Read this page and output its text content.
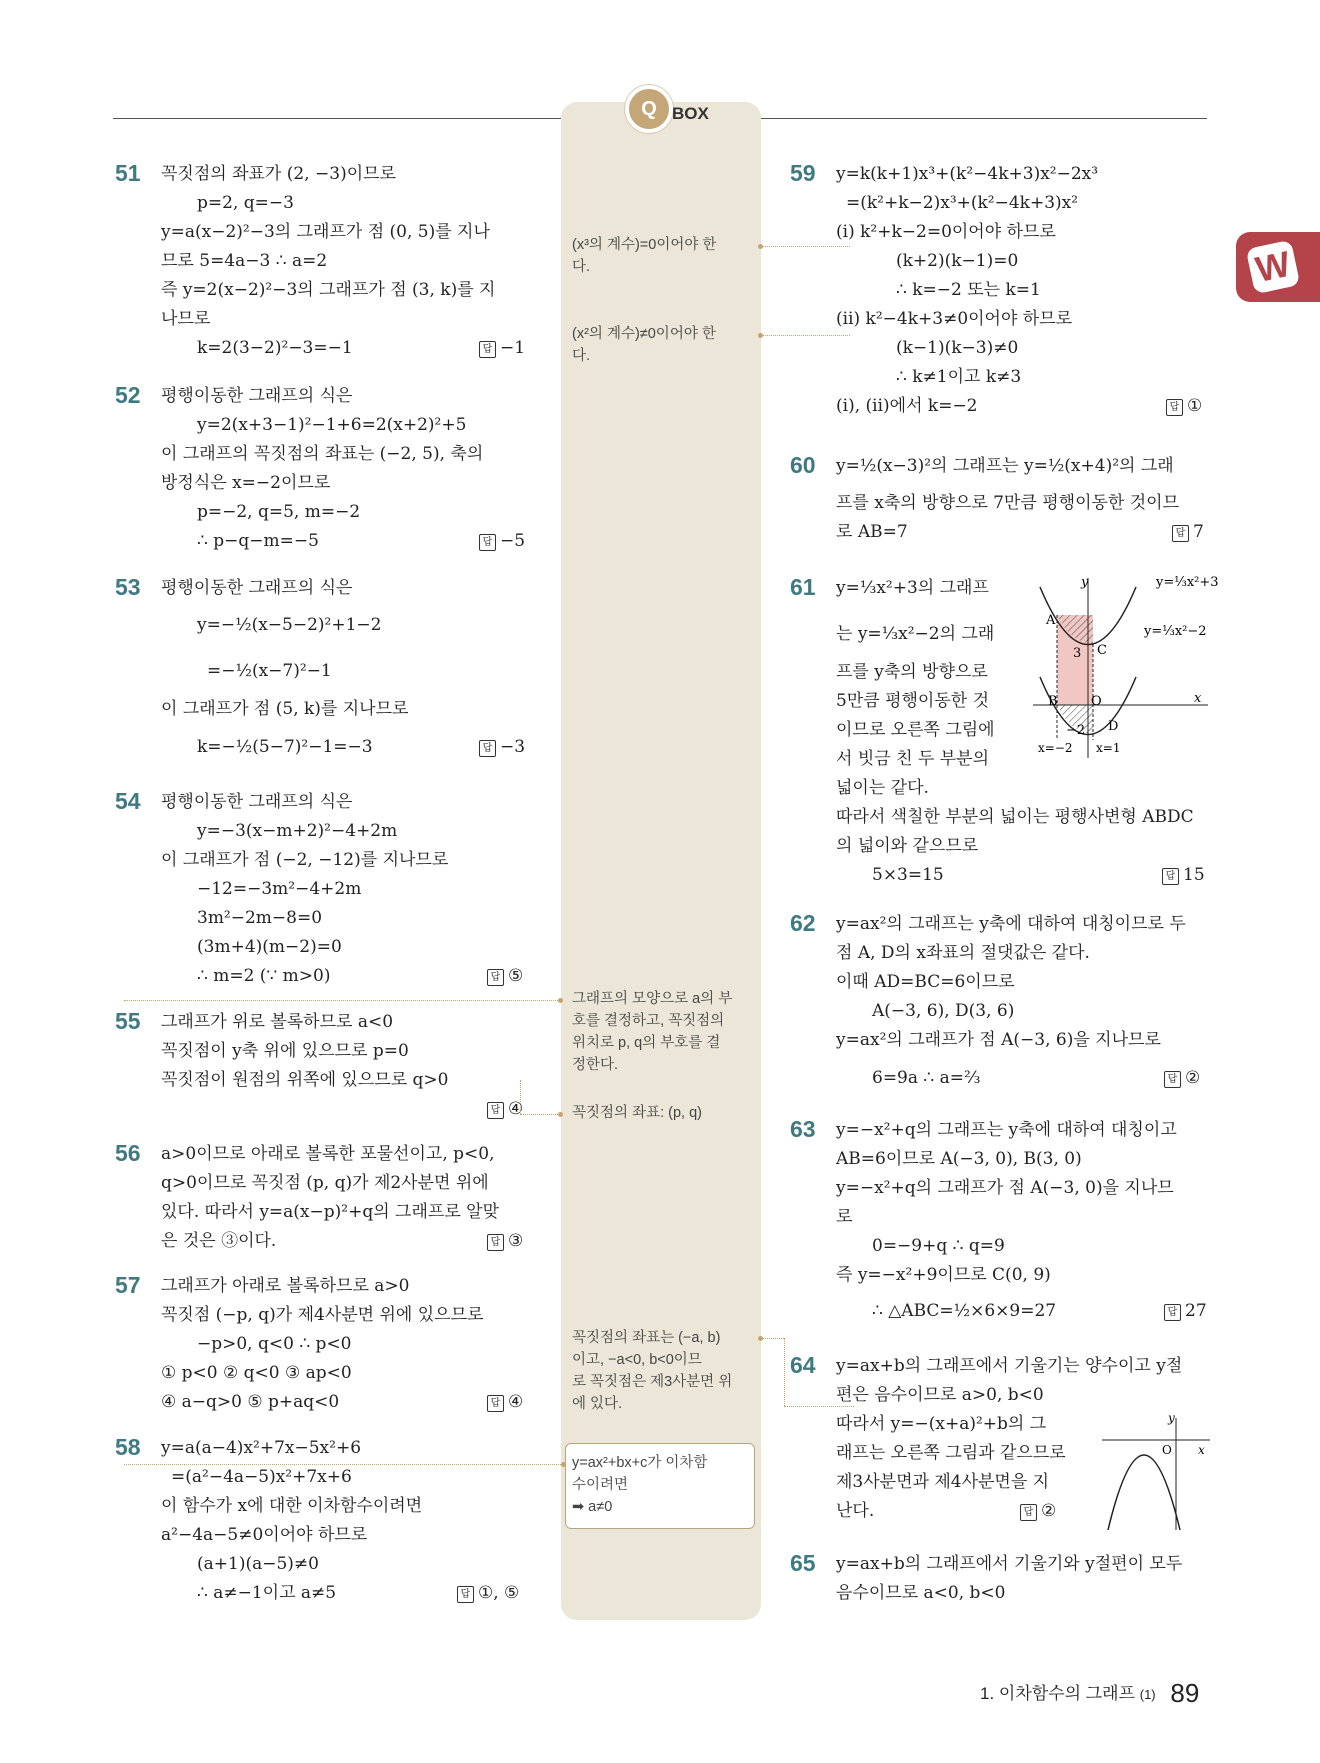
Q BOX
W
51 꼭짓점의 좌표가 (2, −3)이므로
p=2, q=−3
y=a(x−2)²−3의 그래프가 점 (0, 5)를 지나
므로 5=4a−3 ∴ a=2
즉 y=2(x−2)²−3의 그래프가 점 (3, k)를 지
나므로
k=2(3−2)²−3=−1	답 −1
52 평행이동한 그래프의 식은
y=2(x+3−1)²−1+6=2(x+2)²+5
이 그래프의 꼭짓점의 좌표는 (−2, 5), 축의
방정식은 x=−2이므로
p=−2, q=5, m=−2
∴ p−q−m=−5	답 −5
53 평행이동한 그래프의 식은
y=−½(x−5−2)²+1−2
=−½(x−7)²−1
이 그래프가 점 (5, k)를 지나므로
k=−½(5−7)²−1=−3	답 −3
54 평행이동한 그래프의 식은
y=−3(x−m+2)²−4+2m
이 그래프가 점 (−2, −12)를 지나므로
−12=−3m²−4+2m
3m²−2m−8=0
(3m+4)(m−2)=0
∴ m=2 (∵ m>0)	답 ⑤
55 그래프가 위로 볼록하므로 a<0
꼭짓점이 y축 위에 있으므로 p=0
꼭짓점이 원점의 위쪽에 있으므로 q>0
답 ④
56 a>0이므로 아래로 볼록한 포물선이고, p<0,
q>0이므로 꼭짓점 (p, q)가 제2사분면 위에
있다. 따라서 y=a(x−p)²+q의 그래프로 알맞
은 것은 ③이다.	답 ③
57 그래프가 아래로 볼록하므로 a>0
꼭짓점 (−p, q)가 제4사분면 위에 있으므로
−p>0, q<0 ∴ p<0
① p<0 ② q<0 ③ ap<0
④ a−q>0 ⑤ p+aq<0	답 ④
58 y=a(a−4)x²+7x−5x²+6
=(a²−4a−5)x²+7x+6
이 함수가 x에 대한 이차함수이려면
a²−4a−5≠0이어야 하므로
(a+1)(a−5)≠0
∴ a≠−1이고 a≠5	답 ①, ⑤
(x³의 계수)=0이어야 한
다.
(x²의 계수)≠0이어야 한
다.
그래프의 모양으로 a의 부
호를 결정하고, 꼭짓점의
위치로 p, q의 부호를 결
정한다.
꼭짓점의 좌표: (p, q)
꼭짓점의 좌표는 (−a, b)
이고, −a<0, b<0이므
로 꼭짓점은 제3사분면 위
에 있다.
y=ax²+bx+c가 이차함
수이려면
➡ a≠0
59 y=k(k+1)x³+(k²−4k+3)x²−2x³
=(k²+k−2)x³+(k²−4k+3)x²
(ⅰ) k²+k−2=0이어야 하므로
(k+2)(k−1)=0
∴ k=−2 또는 k=1
(ⅱ) k²−4k+3≠0이어야 하므로
(k−1)(k−3)≠0
∴ k≠1이고 k≠3
(ⅰ), (ⅱ)에서 k=−2	답 ①
60 y=½(x−3)²의 그래프는 y=½(x+4)²의 그래
프를 x축의 방향으로 7만큼 평행이동한 것이므
로 AB=7	답 7
61 y=⅓x²+3의 그래프
는 y=⅓x²−2의 그래
프를 y축의 방향으로
5만큼 평행이동한 것
이므로 오른쪽 그림에
서 빗금 친 두 부분의
넓이는 같다.
따라서 색칠한 부분의 넓이는 평행사변형 ABDC
의 넓이와 같으므로
5×3=15	답 15
y	y=⅓x²+3
y=⅓x²−2
A
C
3
B	O	x
−2 D
x=−2 x=1
62 y=ax²의 그래프는 y축에 대하여 대칭이므로 두
점 A, D의 x좌표의 절댓값은 같다.
이때 AD=BC=6이므로
A(−3, 6), D(3, 6)
y=ax²의 그래프가 점 A(−3, 6)을 지나므로
6=9a ∴ a=⅔	답 ②
63 y=−x²+q의 그래프는 y축에 대하여 대칭이고
AB=6이므로 A(−3, 0), B(3, 0)
y=−x²+q의 그래프가 점 A(−3, 0)을 지나므
로
0=−9+q ∴ q=9
즉 y=−x²+9이므로 C(0, 9)
∴ △ABC=½×6×9=27	답 27
64 y=ax+b의 그래프에서 기울기는 양수이고 y절
편은 음수이므로 a>0, b<0
따라서 y=−(x+a)²+b의 그
래프는 오른쪽 그림과 같으므로
제3사분면과 제4사분면을 지
난다.	답 ②
y
O x
65 y=ax+b의 그래프에서 기울기와 y절편이 모두
음수이므로 a<0, b<0
1. 이차함수의 그래프 (1) 89
